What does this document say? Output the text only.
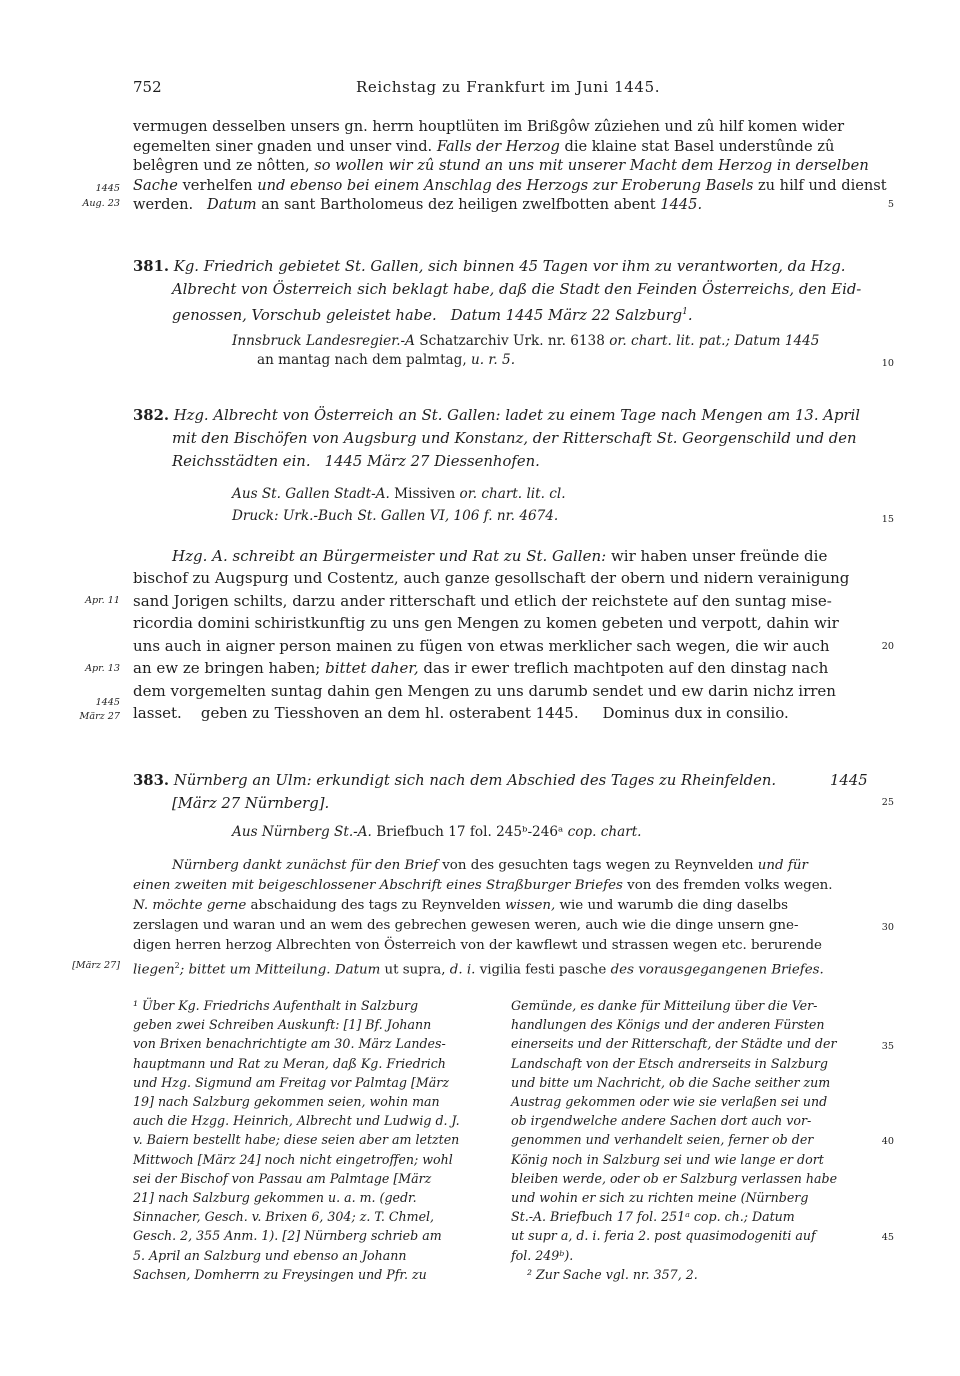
752	Reichstag zu Frankfurt im Juni 1445.
vermugen desselben unsers gn. herrn houptlüten im Brißgôw zûziehen und zû hilf komen wider
egemelten siner gnaden und unser vind. Falls der Herzog die klaine stat Basel understûnde zû
belêgren und ze nôtten, so wollen wir zû stund an uns mit unserer Macht dem Herzog in derselben
Sache verhelfen und ebenso bei einem Anschlag des Herzogs zur Eroberung Basels zu hilf und dienst
werden. Datum an sant Bartholomeus dez heiligen zwelfbotten abent 1445.
1445
Aug. 23	5
381. Kg. Friedrich gebietet St. Gallen, sich binnen 45 Tagen vor ihm zu verantworten, da Hzg.
Albrecht von Österreich sich beklagt habe, daß die Stadt den Feinden Österreichs, den Eid-
genossen, Vorschub geleistet habe. Datum 1445 März 22 Salzburg$^1$.
Innsbruck Landesregier.-A Schatzarchiv Urk. nr. 6138 or. chart. lit. pat.; Datum 1445
an mantag nach dem palmtag, u. r. 5.	10
382. Hzg. Albrecht von Österreich an St. Gallen: ladet zu einem Tage nach Mengen am 13. April
mit den Bischöfen von Augsburg und Konstanz, der Ritterschaft St. Georgenschild und den
Reichsstädten ein. 1445 März 27 Diessenhofen.
Aus St. Gallen Stadt-A. Missiven or. chart. lit. cl.
Druck: Urk.-Buch St. Gallen VI, 106 f. nr. 4674.	15
Hzg. A. schreibt an Bürgermeister und Rat zu St. Gallen: wir haben unser freünde die
bischof zu Augspurg und Costentz, auch ganze gesollschaft der obern und nidern verainigung
sand Jorigen schilts, darzu ander ritterschaft und etlich der reichstete auf den suntag mise-
ricordia domini schiristkunftig zu uns gen Mengen zu komen gebeten und verpott, dahin wir
uns auch in aigner person mainen zu fügen von etwas merklicher sach wegen, die wir auch
an ew ze bringen haben; bittet daher, das ir ewer treflich machtpoten auf den dinstag nach
dem vorgemelten suntag dahin gen Mengen zu uns darumb sendet und ew darin nichz irren
lasset. geben zu Tiesshoven an dem hl. osterabent 1445. Dominus dux in consilio.
Apr. 11
Apr. 13
1445
März 27
20
383. Nürnberg an Ulm: erkundigt sich nach dem Abschied des Tages zu Rheinfelden.	1445
[März 27 Nürnberg].	25
Aus Nürnberg St.-A. Briefbuch 17 fol. 245ᵇ-246ᵃ cop. chart.
Nürnberg dankt zunächst für den Brief von des gesuchten tags wegen zu Reynvelden und für
einen zweiten mit beigeschlossener Abschrift eines Straßburger Briefes von des fremden volks wegen.
N. möchte gerne abschaidung des tags zu Reynvelden wissen, wie und warumb die ding daselbs
zerslagen und waran und an wem des gebrechen gewesen weren, auch wie die dinge unsern gne-
digen herren herzog Albrechten von Österreich von der kawflewt und strassen wegen etc. berurende
liegen$^2$; bittet um Mitteilung. Datum ut supra, d. i. vigilia festi pasche des vorausgegangenen Briefes.
[März 27]
30
¹ Über Kg. Friedrichs Aufenthalt in Salzburg
geben zwei Schreiben Auskunft: [1] Bf. Johann
von Brixen benachrichtigte am 30. März Landes-
hauptmann und Rat zu Meran, daß Kg. Friedrich
und Hzg. Sigmund am Freitag vor Palmtag [März
19] nach Salzburg gekommen seien, wohin man
auch die Hzgg. Heinrich, Albrecht und Ludwig d. J.
v. Baiern bestellt habe; diese seien aber am letzten
Mittwoch [März 24] noch nicht eingetroffen; wohl
sei der Bischof von Passau am Palmtage [März
21] nach Salzburg gekommen u. a. m. (gedr.
Sinnacher, Gesch. v. Brixen 6, 304; z. T. Chmel,
Gesch. 2, 355 Anm. 1). [2] Nürnberg schrieb am
5. April an Salzburg und ebenso an Johann
Sachsen, Domherrn zu Freysingen und Pfr. zu
Gemünde, es danke für Mitteilung über die Ver-
handlungen des Königs und der anderen Fürsten
einerseits und der Ritterschaft, der Städte und der
Landschaft von der Etsch andrerseits in Salzburg
und bitte um Nachricht, ob die Sache seither zum
Austrag gekommen oder wie sie verlaßen sei und
ob irgendwelche andere Sachen dort auch vor-
genommen und verhandelt seien, ferner ob der
König noch in Salzburg sei und wie lange er dort
bleiben werde, oder ob er Salzburg verlassen habe
und wohin er sich zu richten meine (Nürnberg
St.-A. Briefbuch 17 fol. 251ᵃ cop. ch.; Datum
ut supr a, d. i. feria 2. post quasimodogeniti auf
fol. 249ᵇ).
² Zur Sache vgl. nr. 357, 2.
35
40
45
